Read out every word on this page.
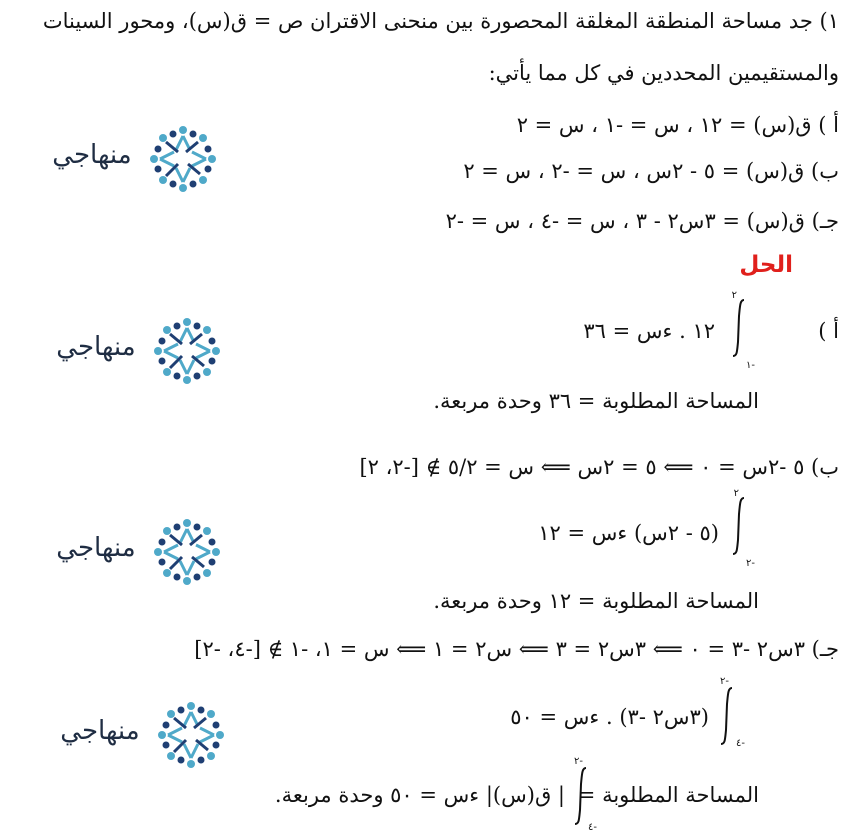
١) جد مساحة المنطقة المغلقة المحصورة بين منحنى الاقتران ص = ق(س)، ومحور السينات
والمستقيمين المحددين في كل مما يأتي:
أ ) ق(س) = ١٢ ، س = -١ ، س = ٢
ب) ق(س) = ٥ - ٢س ، س = -٢ ، س = ٢
جـ) ق(س) = ٣س٢ - ٣ ، س = -٤ ، س = -٢
الحل
أ )
٢
-١
١٢ . ءس = ٣٦
المساحة المطلوبة = ٣٦ وحدة مربعة.
ب) ٥ -٢س = ٠ ⟸ ٥ = ٢س ⟸ س = ٥/٢ ∌ [-٢، ٢]
٢
-٢
(٥ - ٢س) ءس = ١٢
المساحة المطلوبة = ١٢ وحدة مربعة.
جـ) ٣س٢ -٣ = ٠ ⟸ ٣س٢ = ٣ ⟸ س٢ = ١ ⟸ س = ١، -١ ∌ [-٤، -٢]
-٢
-٤
(٣س٢ -٣) . ءس = ٥٠
المساحة المطلوبة =
-٢
-٤
| ق(س)| ءس = ٥٠ وحدة مربعة.
منهاجي
منهاجي
منهاجي
منهاجي
